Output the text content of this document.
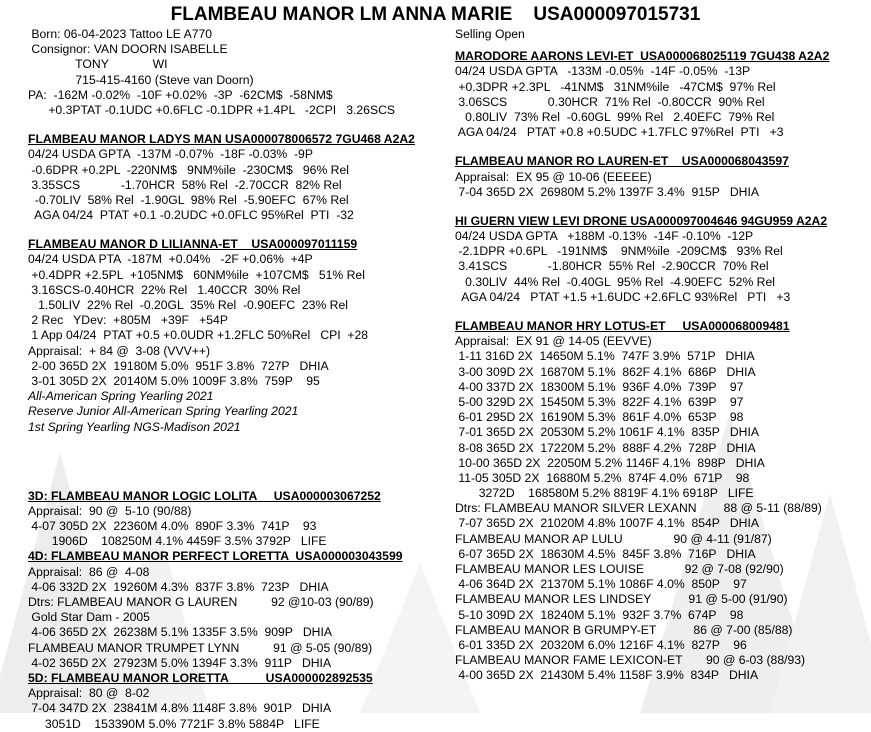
FLAMBEAU MANOR LM ANNA MARIE    USA000097015731
Born: 06-04-2023 Tattoo LE A770
Consignor: VAN DOORN ISABELLE
TONY             WI
715-415-4160 (Steve van Doorn)
PA:  -162M -0.02%  -10F +0.02%  -3P  -62CM$  -58NM$
+0.3PTAT -0.1UDC +0.6FLC -0.1DPR +1.4PL   -2CPI   3.26SCS
FLAMBEAU MANOR LADYS MAN USA000078006572 7GU468 A2A2
04/24 USDA GPTA  -137M -0.07%  -18F -0.03%  -9P
-0.6DPR +0.2PL  -220NM$   9NM%ile  -230CM$   96% Rel
3.35SCS            -1.70HCR  58% Rel  -2.70CCR  82% Rel
-0.70LIV  58% Rel  -1.90GL  98% Rel  -5.90EFC  67% Rel
AGA 04/24  PTAT +0.1 -0.2UDC +0.0FLC 95%Rel  PTI  -32
FLAMBEAU MANOR D LILIANNA-ET    USA000097011159
04/24 USDA PTA  -187M  +0.04%   -2F +0.06%  +4P
+0.4DPR +2.5PL  +105NM$   60NM%ile  +107CM$   51% Rel
3.16SCS-0.40HCR  22% Rel   1.40CCR  30% Rel
1.50LIV  22% Rel  -0.20GL  35% Rel  -0.90EFC  23% Rel
2 Rec   YDev:  +805M   +39F   +54P
1 App 04/24  PTAT +0.5 +0.0UDR +1.2FLC 50%Rel   CPI  +28
Appraisal:  + 84 @  3-08 (VVV++)
2-00 365D 2X  19180M 5.0%  951F 3.8%  727P   DHIA
3-01 305D 2X  20140M 5.0% 1009F 3.8%  759P    95
All-American Spring Yearling 2021
Reserve Junior All-American Spring Yearling 2021
1st Spring Yearling NGS-Madison 2021
3D: FLAMBEAU MANOR LOGIC LOLITA     USA000003067252
Appraisal:  90 @  5-10 (90/88)
4-07 305D 2X  22360M 4.0%  890F 3.3%  741P    93
1906D    108250M 4.1% 4459F 3.5% 3792P   LIFE
4D: FLAMBEAU MANOR PERFECT LORETTA  USA000003043599
Appraisal:  86 @  4-08
4-06 332D 2X  19260M 4.3%  837F 3.8%  723P   DHIA
Dtrs: FLAMBEAU MANOR G LAUREN          92 @10-03 (90/89)
Gold Star Dam - 2005
4-06 365D 2X  26238M 5.1% 1335F 3.5%  909P   DHIA
FLAMBEAU MANOR TRUMPET LYNN          91 @ 5-05 (90/89)
4-02 365D 2X  27923M 5.0% 1394F 3.3%  911P   DHIA
5D: FLAMBEAU MANOR LORETTA           USA000002892535
Appraisal:  80 @  8-02
7-04 347D 2X  23841M 4.8% 1148F 3.8%  901P   DHIA
3051D    153390M 5.0% 7721F 3.8% 5884P   LIFE
Selling Open
MARODORE AARONS LEVI-ET  USA000068025119 7GU438 A2A2
04/24 USDA GPTA   -133M -0.05%  -14F -0.05%  -13P
+0.3DPR +2.3PL   -41NM$   31NM%ile   -47CM$  97% Rel
3.06SCS            0.30HCR  71% Rel  -0.80CCR  90% Rel
0.80LIV  73% Rel  -0.60GL  99% Rel   2.40EFC  79% Rel
AGA 04/24   PTAT +0.8 +0.5UDC +1.7FLC 97%Rel  PTI   +3
FLAMBEAU MANOR RO LAUREN-ET    USA000068043597
Appraisal:  EX 95 @ 10-06 (EEEEE)
7-04 365D 2X  26980M 5.2% 1397F 3.4%  915P   DHIA
HI GUERN VIEW LEVI DRONE USA000097004646 94GU959 A2A2
04/24 USDA GPTA   +188M -0.13%  -14F -0.10%  -12P
-2.1DPR +0.6PL   -191NM$    9NM%ile  -209CM$   93% Rel
3.41SCS            -1.80HCR  55% Rel  -2.90CCR  70% Rel
0.30LIV  44% Rel  -0.40GL  95% Rel  -4.90EFC  52% Rel
AGA 04/24   PTAT +1.5 +1.6UDC +2.6FLC 93%Rel   PTI   +3
FLAMBEAU MANOR HRY LOTUS-ET     USA000068009481
Appraisal:  EX 91 @ 14-05 (EEVVE)
1-11 316D 2X  14650M 5.1%  747F 3.9%  571P   DHIA
3-00 309D 2X  16870M 5.1%  862F 4.1%  686P   DHIA
4-00 337D 2X  18300M 5.1%  936F 4.0%  739P    97
5-00 329D 2X  15450M 5.3%  822F 4.1%  639P    97
6-01 295D 2X  16190M 5.3%  861F 4.0%  653P    98
7-01 365D 2X  20530M 5.2% 1061F 4.1%  835P   DHIA
8-08 365D 2X  17220M 5.2%  888F 4.2%  728P   DHIA
10-00 365D 2X  22050M 5.2% 1146F 4.1%  898P   DHIA
11-05 305D 2X  16880M 5.2%  874F 4.0%  671P    98
3272D    168580M 5.2% 8819F 4.1% 6918P   LIFE
Dtrs: FLAMBEAU MANOR SILVER LEXANN        88 @ 5-11 (88/89)
7-07 365D 2X  21020M 4.8% 1007F 4.1%  854P   DHIA
FLAMBEAU MANOR AP LULU               90 @ 4-11 (91/87)
6-07 365D 2X  18630M 4.5%  845F 3.8%  716P   DHIA
FLAMBEAU MANOR LES LOUISE            92 @ 7-08 (92/90)
4-06 364D 2X  21370M 5.1% 1086F 4.0%  850P    97
FLAMBEAU MANOR LES LINDSEY           91 @ 5-00 (91/90)
5-10 309D 2X  18240M 5.1%  932F 3.7%  674P    98
FLAMBEAU MANOR B GRUMPY-ET           86 @ 7-00 (85/88)
6-01 335D 2X  20320M 6.0% 1216F 4.1%  827P    96
FLAMBEAU MANOR FAME LEXICON-ET       90 @ 6-03 (88/93)
4-00 365D 2X  21430M 5.4% 1158F 3.9%  834P   DHIA
